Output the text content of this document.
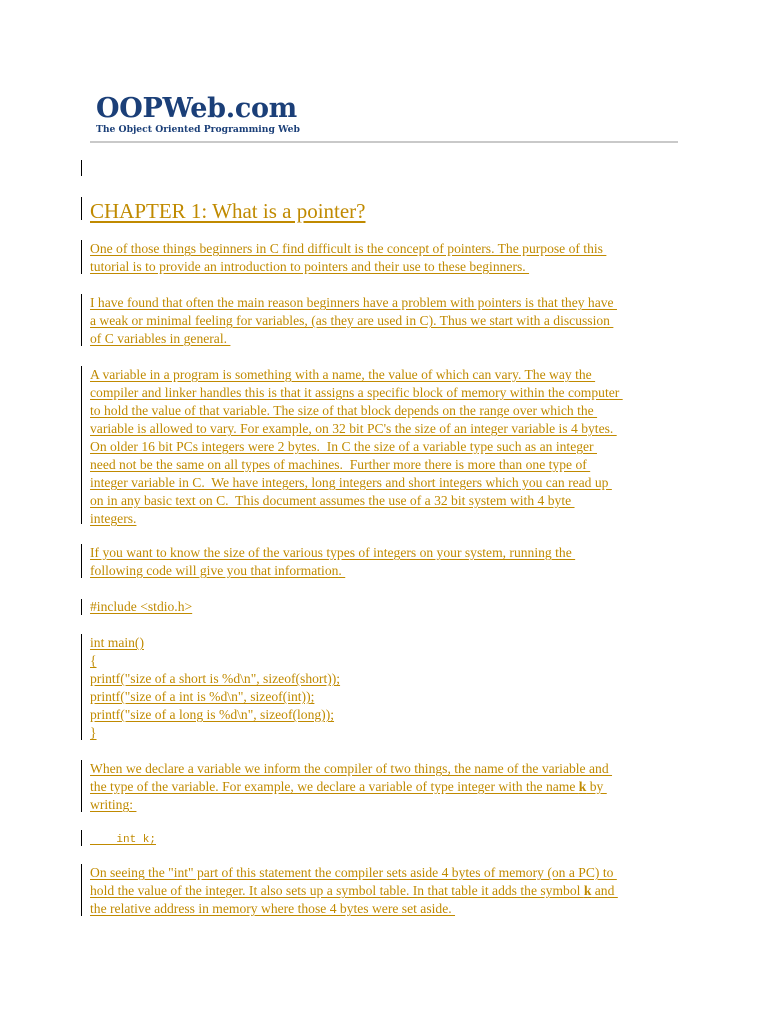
OOPWeb.com
The Object Oriented Programming Web
CHAPTER 1: What is a pointer?
One of those things beginners in C find difficult is the concept of pointers. The purpose of this
tutorial is to provide an introduction to pointers and their use to these beginners.
I have found that often the main reason beginners have a problem with pointers is that they have
a weak or minimal feeling for variables, (as they are used in C). Thus we start with a discussion
of C variables in general.
A variable in a program is something with a name, the value of which can vary. The way the
compiler and linker handles this is that it assigns a specific block of memory within the computer
to hold the value of that variable. The size of that block depends on the range over which the
variable is allowed to vary. For example, on 32 bit PC's the size of an integer variable is 4 bytes.
On older 16 bit PCs integers were 2 bytes.  In C the size of a variable type such as an integer
need not be the same on all types of machines.  Further more there is more than one type of
integer variable in C.  We have integers, long integers and short integers which you can read up
on in any basic text on C.  This document assumes the use of a 32 bit system with 4 byte
integers.
If you want to know the size of the various types of integers on your system, running the
following code will give you that information.
#include <stdio.h>
int main()
{
printf("size of a short is %d\n", sizeof(short));
printf("size of a int is %d\n", sizeof(int));
printf("size of a long is %d\n", sizeof(long));
}
When we declare a variable we inform the compiler of two things, the name of the variable and
the type of the variable. For example, we declare a variable of type integer with the name k by
writing:
int k;
On seeing the "int" part of this statement the compiler sets aside 4 bytes of memory (on a PC) to
hold the value of the integer. It also sets up a symbol table. In that table it adds the symbol k and
the relative address in memory where those 4 bytes were set aside.
